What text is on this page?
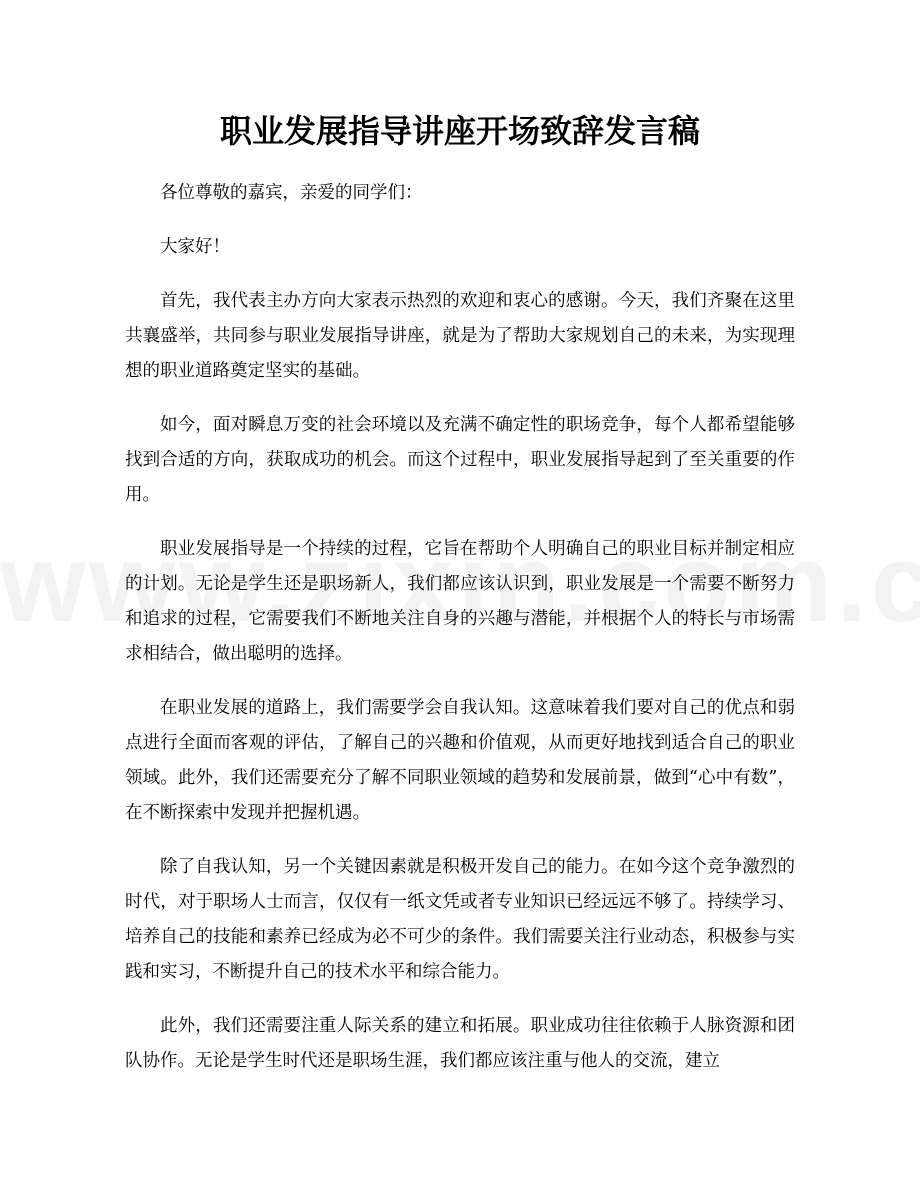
职业发展指导讲座开场致辞发言稿

各位尊敬的嘉宾，亲爱的同学们：

大家好！

首先，我代表主办方向大家表示热烈的欢迎和衷心的感谢。今天，我们齐聚在这里共襄盛举，共同参与职业发展指导讲座，就是为了帮助大家规划自己的未来，为实现理想的职业道路奠定坚实的基础。

如今，面对瞬息万变的社会环境以及充满不确定性的职场竞争，每个人都希望能够找到合适的方向，获取成功的机会。而这个过程中，职业发展指导起到了至关重要的作用。

职业发展指导是一个持续的过程，它旨在帮助个人明确自己的职业目标并制定相应的计划。无论是学生还是职场新人，我们都应该认识到，职业发展是一个需要不断努力和追求的过程，它需要我们不断地关注自身的兴趣与潜能，并根据个人的特长与市场需求相结合，做出聪明的选择。

在职业发展的道路上，我们需要学会自我认知。这意味着我们要对自己的优点和弱点进行全面而客观的评估，了解自己的兴趣和价值观，从而更好地找到适合自己的职业领域。此外，我们还需要充分了解不同职业领域的趋势和发展前景，做到“心中有数”，在不断探索中发现并把握机遇。

除了自我认知，另一个关键因素就是积极开发自己的能力。在如今这个竞争激烈的时代，对于职场人士而言，仅仅有一纸文凭或者专业知识已经远远不够了。持续学习、培养自己的技能和素养已经成为必不可少的条件。我们需要关注行业动态，积极参与实践和实习，不断提升自己的技术水平和综合能力。

此外，我们还需要注重人际关系的建立和拓展。职业成功往往依赖于人脉资源和团队协作。无论是学生时代还是职场生涯，我们都应该注重与他人的交流，建立
